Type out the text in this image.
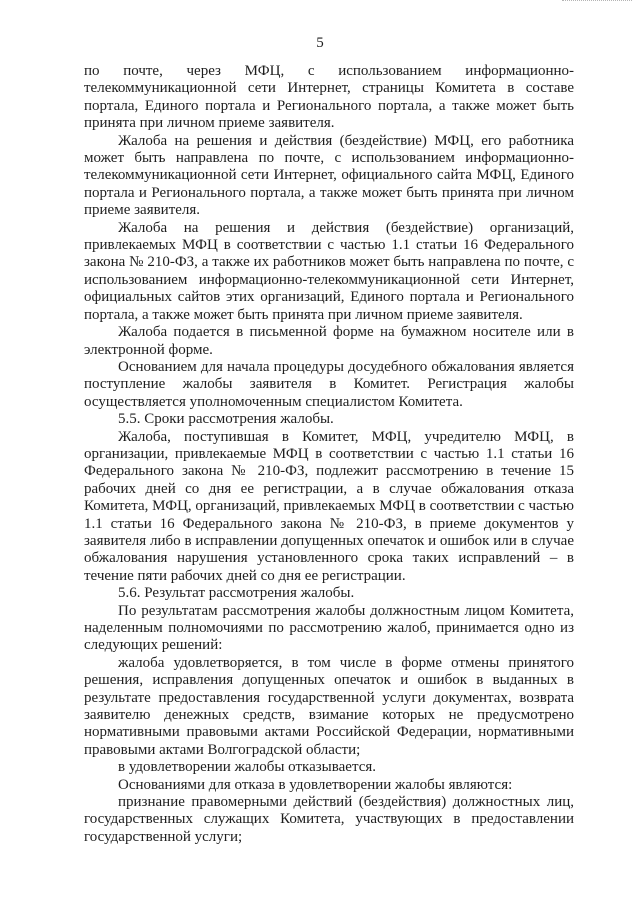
5

по почте, через МФЦ, с использованием информационно-телекоммуникационной сети Интернет, страницы Комитета в составе портала, Единого портала и Регионального портала, а также может быть принята при личном приеме заявителя.

Жалоба на решения и действия (бездействие) МФЦ, его работника может быть направлена по почте, с использованием информационно-телекоммуникационной сети Интернет, официального сайта МФЦ, Единого портала и Регионального портала, а также может быть принята при личном приеме заявителя.

Жалоба на решения и действия (бездействие) организаций, привлекаемых МФЦ в соответствии с частью 1.1 статьи 16 Федерального закона № 210-ФЗ, а также их работников может быть направлена по почте, с использованием информационно-телекоммуникационной сети Интернет, официальных сайтов этих организаций, Единого портала и Регионального портала, а также может быть принята при личном приеме заявителя.

Жалоба подается в письменной форме на бумажном носителе или в электронной форме.

Основанием для начала процедуры досудебного обжалования является поступление жалобы заявителя в Комитет. Регистрация жалобы осуществляется уполномоченным специалистом Комитета.

5.5. Сроки рассмотрения жалобы.

Жалоба, поступившая в Комитет, МФЦ, учредителю МФЦ, в организации, привлекаемые МФЦ в соответствии с частью 1.1 статьи 16 Федерального закона № 210-ФЗ, подлежит рассмотрению в течение 15 рабочих дней со дня ее регистрации, а в случае обжалования отказа Комитета, МФЦ, организаций, привлекаемых МФЦ в соответствии с частью 1.1 статьи 16 Федерального закона № 210-ФЗ, в приеме документов у заявителя либо в исправлении допущенных опечаток и ошибок или в случае обжалования нарушения установленного срока таких исправлений – в течение пяти рабочих дней со дня ее регистрации.

5.6. Результат рассмотрения жалобы.

По результатам рассмотрения жалобы должностным лицом Комитета, наделенным полномочиями по рассмотрению жалоб, принимается одно из следующих решений:

жалоба удовлетворяется, в том числе в форме отмены принятого решения, исправления допущенных опечаток и ошибок в выданных в результате предоставления государственной услуги документах, возврата заявителю денежных средств, взимание которых не предусмотрено нормативными правовыми актами Российской Федерации, нормативными правовыми актами Волгоградской области;

в удовлетворении жалобы отказывается.

Основаниями для отказа в удовлетворении жалобы являются:

признание правомерными действий (бездействия) должностных лиц, государственных служащих Комитета, участвующих в предоставлении государственной услуги;
